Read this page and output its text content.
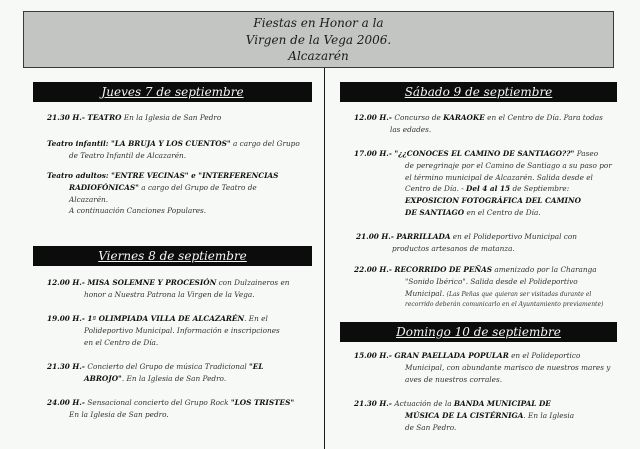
Fiestas en Honor a la
Virgen de la Vega 2006.
Alcazarén
Jueves 7 de septiembre
21.30 H.- TEATRO En la Iglesia de San Pedro
Teatro infantil: "LA BRUJA Y LOS CUENTOS" a cargo del Grupo
de Teatro Infantil de Alcazarén.
Teatro adultos: "ENTRE VECINAS" e "INTERFERENCIAS
RADIOFÓNICAS" a cargo del Grupo de Teatro de
Alcazarén.
A continuación Canciones Populares.
Viernes 8 de septiembre
12.00 H.- MISA SOLEMNE Y PROCESIÓN con Dulzaineros en
honor a Nuestra Patrona la Virgen de la Vega.
19.00 H.- 1ª OLIMPIADA VILLA DE ALCAZARÉN. En el
Polideportivo Municipal. Información e inscripciones
en el Centro de Día.
21.30 H.- Concierto del Grupo de música Tradicional "EL
ABROJO". En la Iglesia de San Pedro.
24.00 H.- Sensacional concierto del Grupo Rock "LOS TRISTES"
En la Iglesia de San pedro.
Sábado 9 de septiembre
12.00 H.- Concurso de KARAOKE en el Centro de Día. Para todas
las edades.
17.00 H.- "¿¿CONOCES EL CAMINO DE SANTIAGO??" Paseo
de peregrinaje por el Camino de Santiago a su paso por
el término municipal de Alcazarén. Salida desde el
Centro de Día. - Del 4 al 15 de Septiembre:
EXPOSICION FOTOGRÁFICA DEL CAMINO
DE SANTIAGO en el Centro de Día.
21.00 H.- PARRILLADA en el Polideportivo Municipal con
productos artesanos de matanza.
22.00 H.- RECORRIDO DE PEÑAS amenizado por la Charanga
"Sonido Ibérico". Salida desde el Polideportivo
Municipal. (Las Peñas que quieran ser visitadas durante el
recorrido deberán comunicarlo en el Ayuntamiento previamente)
Domingo 10 de septiembre
15.00 H.- GRAN PAELLADA POPULAR en el Polideportico
Municipal, con abundante marisco de nuestros mares y
aves de nuestros corrales.
21.30 H.- Actuación de la BANDA MUNICIPAL DE
MÚSICA DE LA CISTÉRNIGA. En la Iglesia
de San Pedro.
